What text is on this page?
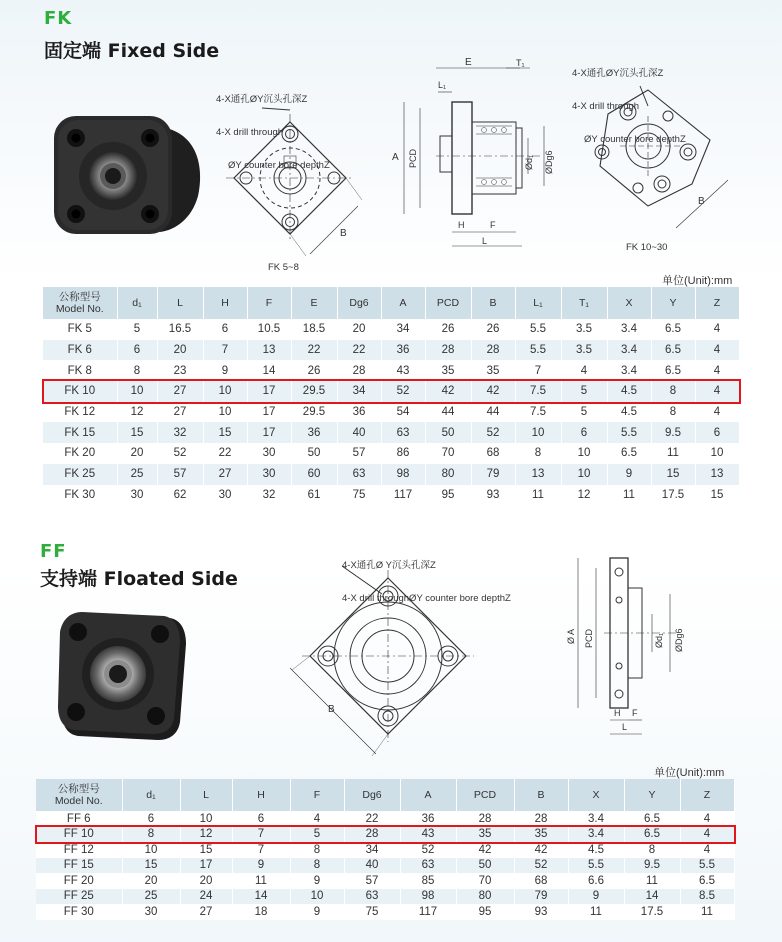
FK
固定端 Fixed Side

4-X通孔ØY沉头孔深Z

4-X drill through

ØY counter bore depthZ

B
FK 5~8
E	T₁
L₁
A PCD	Ød₁ ØDg6
H	F
L

4-X通孔ØY沉头孔深Z

4-X drill through

ØY counter bore depthZ

B
FK 10~30
单位(Unit):mm
公称型号
Model No.	d₁	L	H	F	E	Dg6	A	PCD	B	L₁	T₁	X	Y	Z

FK 5	5	16.5	6	10.5	18.5	20	34	26	26	5.5	3.5	3.4	6.5	4
FK 6	6	20	7	13	22	22	36	28	28	5.5	3.5	3.4	6.5	4
FK 8	8	23	9	14	26	28	43	35	35	7	4	3.4	6.5	4
FK 10	10	27	10	17	29.5	34	52	42	42	7.5	5	4.5	8	4
FK 12	12	27	10	17	29.5	36	54	44	44	7.5	5	4.5	8	4
FK 15	15	32	15	17	36	40	63	50	52	10	6	5.5	9.5	6
FK 20	20	52	22	30	50	57	86	70	68	8	10	6.5	11	10
FK 25	25	57	27	30	60	63	98	80	79	13	10	9	15	13
FK 30	30	62	30	32	61	75	117	95	93	11	12	11	17.5	15
FF
支持端 Floated Side

4-X通孔Ø Y沉头孔深Z

4-X drill throughØY counter bore depthZ

B
Ø A PCD	Ød₁ ØDg6
H F
L
单位(Unit):mm
公称型号
Model No.	d₁	L	H	F	Dg6	A	PCD	B	X	Y	Z

FF 6	6	10	6	4	22	36	28	28	3.4	6.5	4
FF 10	8	12	7	5	28	43	35	35	3.4	6.5	4
FF 12	10	15	7	8	34	52	42	42	4.5	8	4
FF 15	15	17	9	8	40	63	50	52	5.5	9.5	5.5
FF 20	20	20	11	9	57	85	70	68	6.6	11	6.5
FF 25	25	24	14	10	63	98	80	79	9	14	8.5
FF 30	30	27	18	9	75	117	95	93	11	17.5	11
